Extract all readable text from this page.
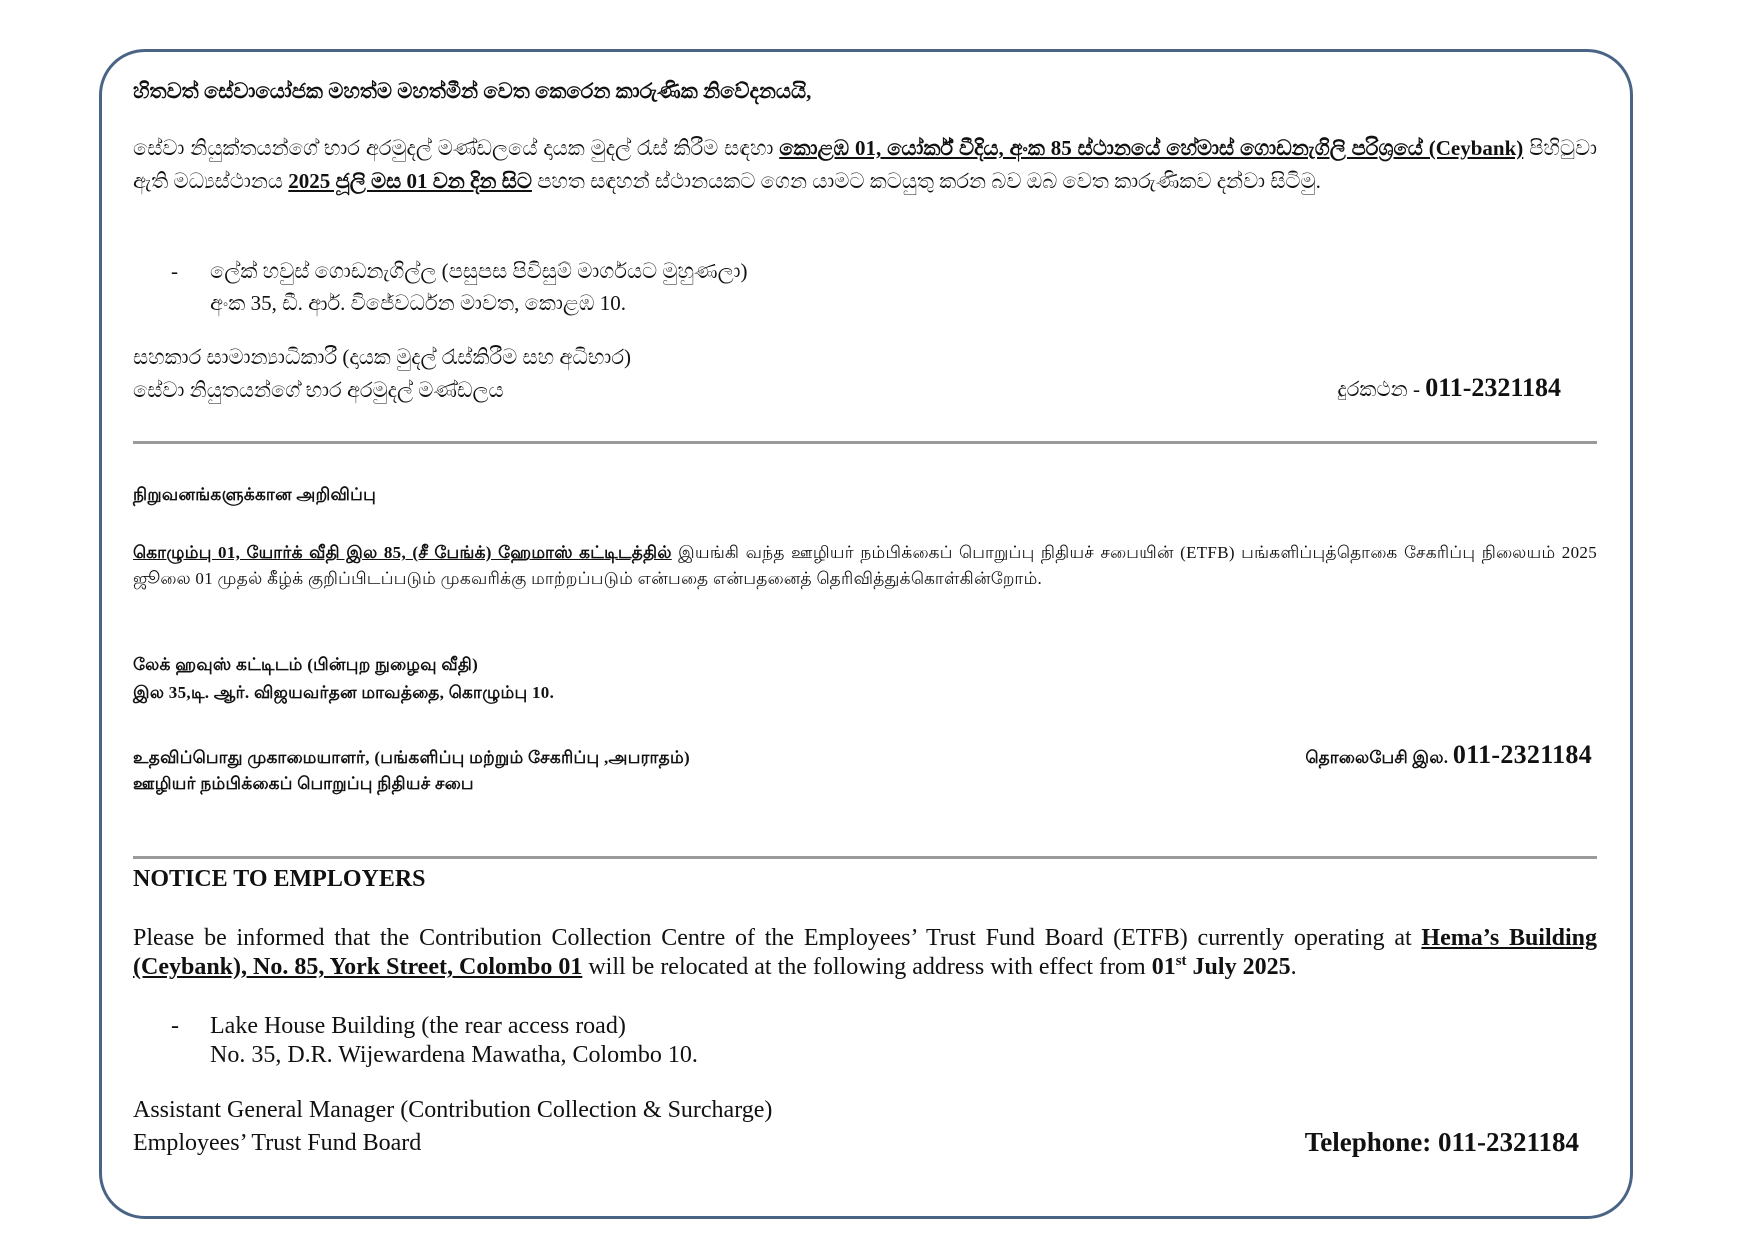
හිතවත් සේවායෝජක මහත්ම මහත්මීන් වෙත කෙරෙන කාරුණික නිවේදනයයි,

සේවා නියුක්තයන්ගේ භාර අරමුදල් මණ්ඩලයේ දායක මුදල් රැස් කිරීම සඳහා කොළඹ 01, යෝර්ක් වීදිය, අංක 85 ස්ථානයේ හේමාස් ගොඩනැගිලි පරිශ්‍රයේ (Ceybank) පිහිටුවා ඇති මධ්‍යස්ථානය 2025 ජූලි මස 01 වන දින සිට පහත සඳහන් ස්ථානයකට ගෙන යාමට කටයුතු කරන බව ඔබ වෙත කාරුණිකව දන්වා සිටිමු.

- ලේක් හවුස් ගොඩනැගිල්ල (පසුපස පිවිසුම් මාර්ගයට මුහුණලා)
අංක 35, ඩී. ආර්. විජේවර්ධන මාවත, කොළඹ 10.
සහකාර සාමාන්‍යාධිකාරී (දායක මුදල් රැස්කිරීම සහ අධිභාර)
සේවා නියුතයන්ගේ භාර අරමුදල් මණ්ඩලය	දුරකථන - 011-2321184
நிறுவனங்களுக்கான அறிவிப்பு

கொழும்பு 01, யோர்க் வீதி இல 85, (சீ பேங்க்) ஹேமாஸ் கட்டிடத்தில் இயங்கி வந்த ஊழியர் நம்பிக்கைப் பொறுப்பு நிதியச் சபையின் (ETFB) பங்களிப்புத்தொகை சேகரிப்பு நிலையம் 2025 ஜூலை 01 முதல் கீழ்க் குறிப்பிடப்படும் முகவரிக்கு மாற்றப்படும் என்பதை என்பதனைத் தெரிவித்துக்கொள்கின்றோம்.

லேக் ஹவுஸ் கட்டிடம் (பின்புற நுழைவு வீதி)
இல 35,டி. ஆர். விஜயவர்தன மாவத்தை, கொழும்பு 10.
உதவிப்பொது முகாமையாளர், (பங்களிப்பு மற்றும் சேகரிப்பு ,அபராதம்)
ஊழியர் நம்பிக்கைப் பொறுப்பு நிதியச் சபை
தொலைபேசி இல. 011-2321184
NOTICE TO EMPLOYERS

Please be informed that the Contribution Collection Centre of the Employees’ Trust Fund Board (ETFB) currently operating at Hema’s Building (Ceybank), No. 85, York Street, Colombo 01 will be relocated at the following address with effect from 01st July 2025.

- Lake House Building (the rear access road)
No. 35, D.R. Wijewardena Mawatha, Colombo 10.
Assistant General Manager (Contribution Collection & Surcharge)
Employees’ Trust Fund Board	Telephone: 011-2321184
